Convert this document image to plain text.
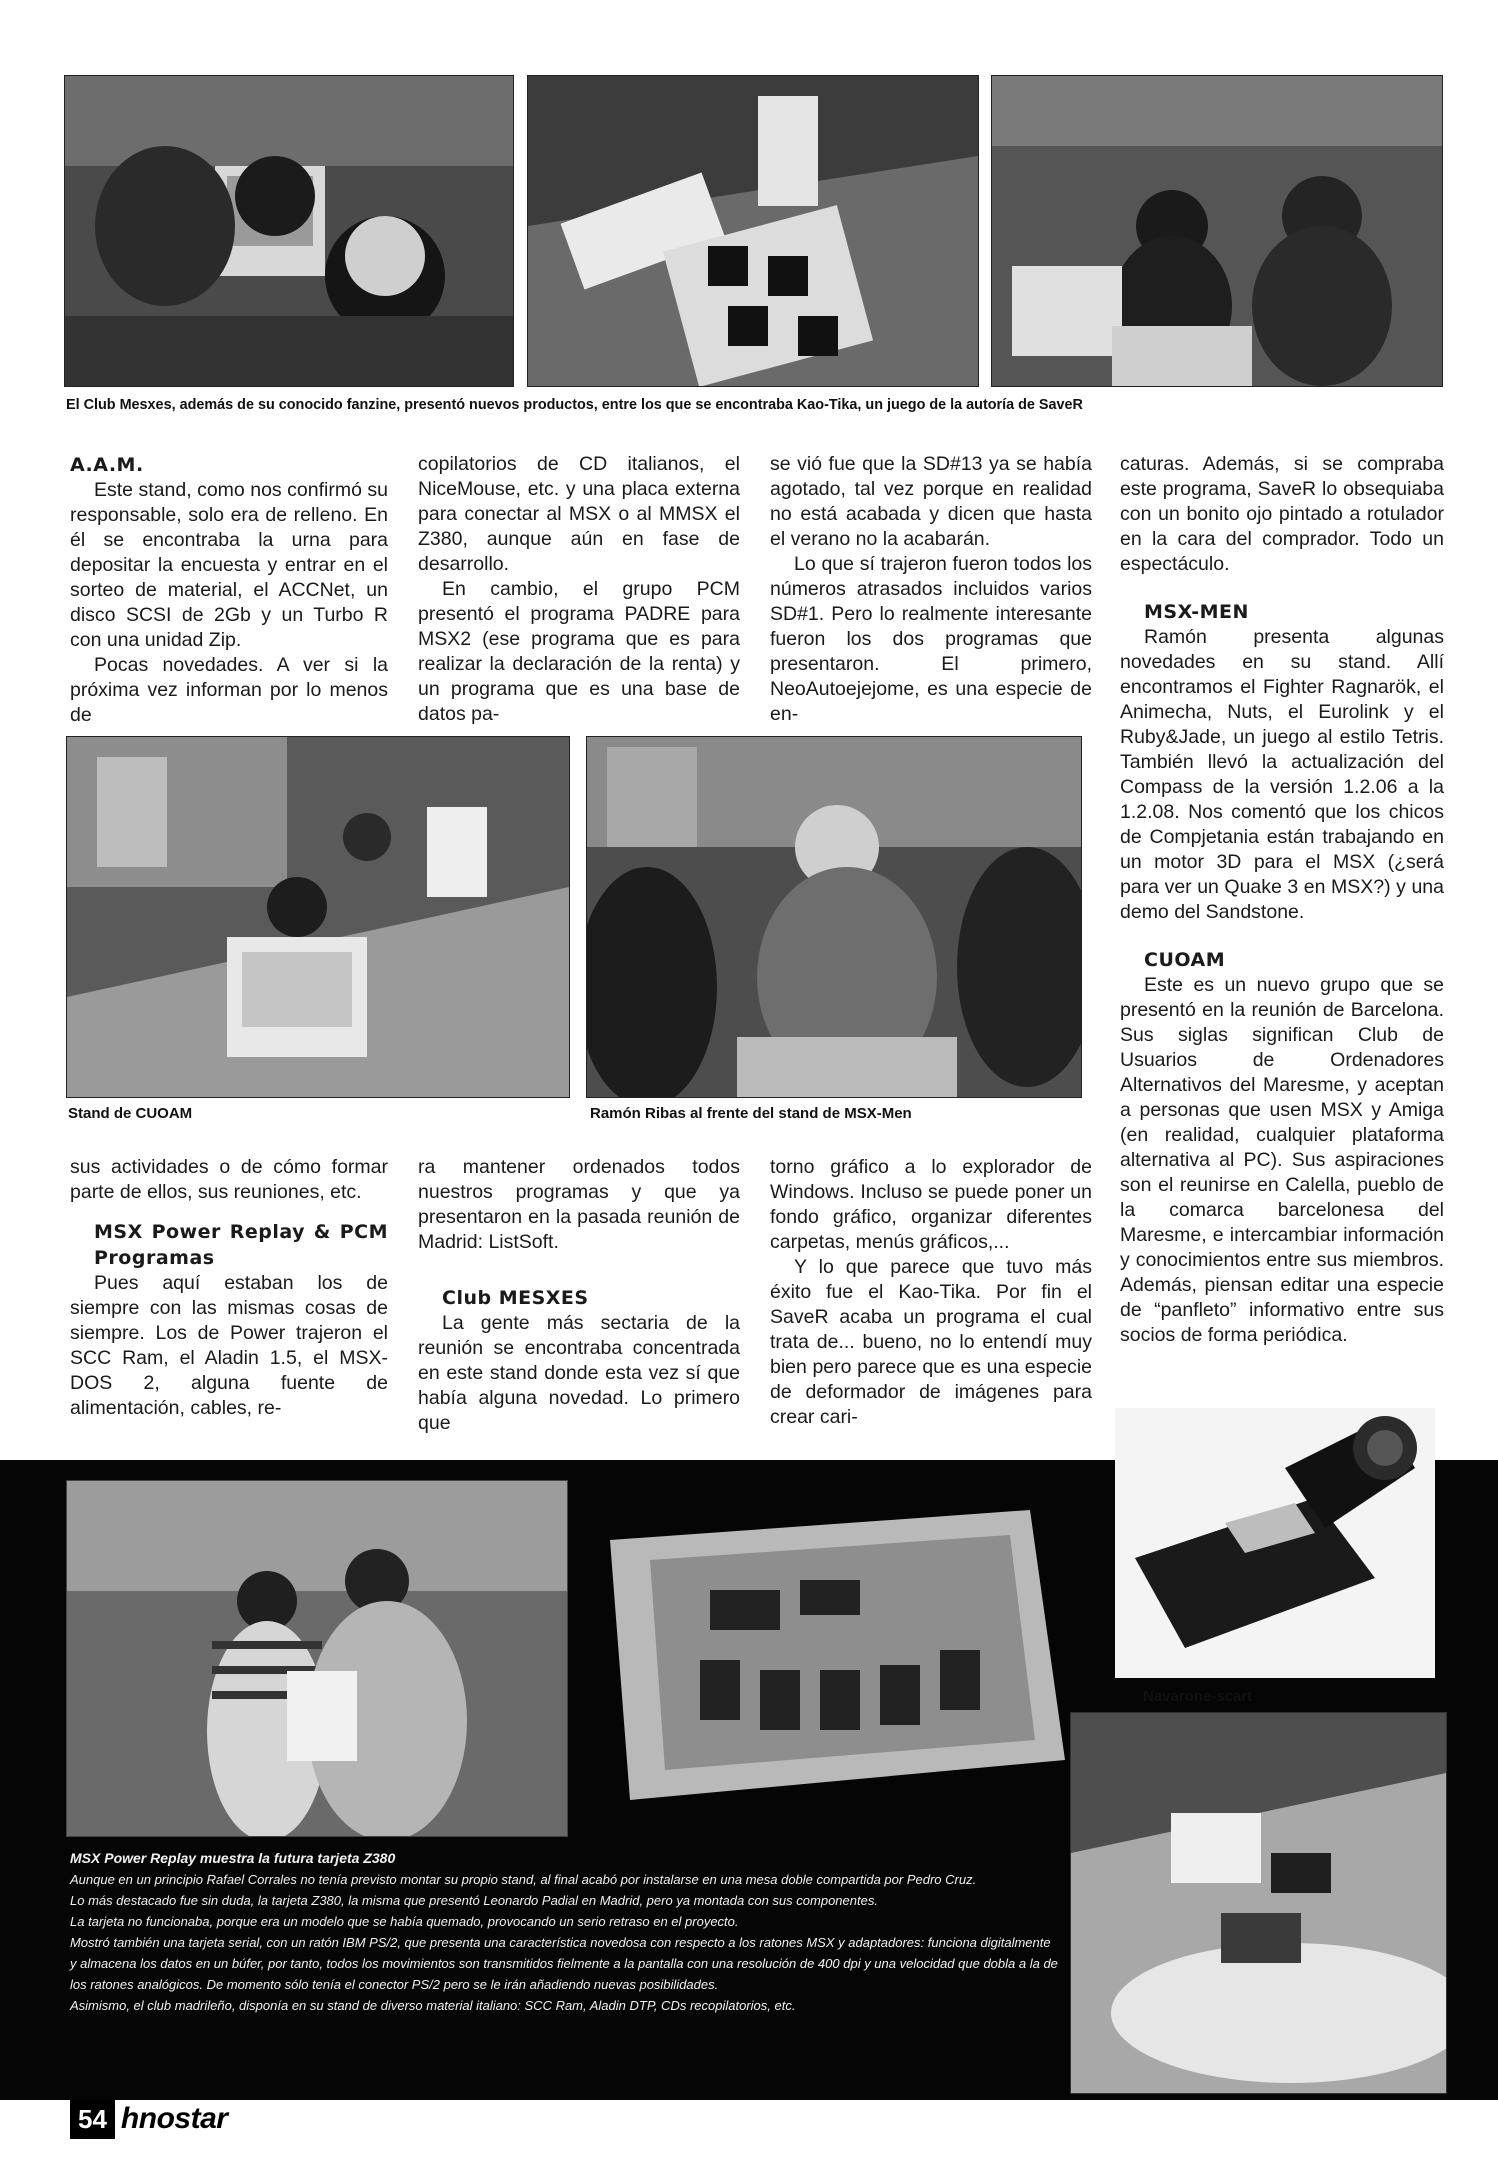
El Club Mesxes, además de su conocido fanzine, presentó nuevos productos, entre los que se encontraba Kao-Tika, un juego de la autoría de SaveR
A.A.M.

Este stand, como nos confirmó su responsable, solo era de relleno. En él se encontraba la urna para depositar la encuesta y entrar en el sorteo de material, el ACCNet, un disco SCSI de 2Gb y un Turbo R con una unidad Zip.

Pocas novedades. A ver si la próxima vez informan por lo menos de

copilatorios de CD italianos, el NiceMouse, etc. y una placa externa para conectar al MSX o al MMSX el Z380, aunque aún en fase de desarrollo.

En cambio, el grupo PCM presentó el programa PADRE para MSX2 (ese programa que es para realizar la declaración de la renta) y un programa que es una base de datos pa-

se vió fue que la SD#13 ya se había agotado, tal vez porque en realidad no está acabada y dicen que hasta el verano no la acabarán.

Lo que sí trajeron fueron todos los números atrasados incluidos varios SD#1. Pero lo realmente interesante fueron los dos programas que presentaron. El primero, NeoAutoejejome, es una especie de en-

caturas. Además, si se compraba este programa, SaveR lo obsequiaba con un bonito ojo pintado a rotulador en la cara del comprador. Todo un espectáculo.

MSX-MEN

Ramón presenta algunas novedades en su stand. Allí encontramos el Fighter Ragnarök, el Animecha, Nuts, el Eurolink y el Ruby&Jade, un juego al estilo Tetris. También llevó la actualización del Compass de la versión 1.2.06 a la 1.2.08. Nos comentó que los chicos de Compjetania están trabajando en un motor 3D para el MSX (¿será para ver un Quake 3 en MSX?) y una demo del Sandstone.

CUOAM

Este es un nuevo grupo que se presentó en la reunión de Barcelona. Sus siglas significan Club de Usuarios de Ordenadores Alternativos del Maresme, y aceptan a personas que usen MSX y Amiga (en realidad, cualquier plataforma alternativa al PC). Sus aspiraciones son el reunirse en Calella, pueblo de la comarca barcelonesa del Maresme, e intercambiar información y conocimientos entre sus miembros. Además, piensan editar una especie de “panfleto” informativo entre sus socios de forma periódica.

Stand de CUOAM	Ramón Ribas al frente del stand de MSX-Men

sus actividades o de cómo formar parte de ellos, sus reuniones, etc.

MSX Power Replay & PCM Programas

Pues aquí estaban los de siempre con las mismas cosas de siempre. Los de Power trajeron el SCC Ram, el Aladin 1.5, el MSX-DOS 2, alguna fuente de alimentación, cables, re-

ra mantener ordenados todos nuestros programas y que ya presentaron en la pasada reunión de Madrid: ListSoft.

Club MESXES

La gente más sectaria de la reunión se encontraba concentrada en este stand donde esta vez sí que había alguna novedad. Lo primero que

torno gráfico a lo explorador de Windows. Incluso se puede poner un fondo gráfico, organizar diferentes carpetas, menús gráficos,...

Y lo que parece que tuvo más éxito fue el Kao-Tika. Por fin el SaveR acaba un programa el cual trata de... bueno, no lo entendí muy bien pero parece que es una especie de deformador de imágenes para crear cari-

Navarone-scart
MSX Power Replay muestra la futura tarjeta Z380
Aunque en un principio Rafael Corrales no tenía previsto montar su propio stand, al final acabó por instalarse en una mesa doble compartida por Pedro Cruz.
Lo más destacado fue sin duda, la tarjeta Z380, la misma que presentó Leonardo Padial en Madrid, pero ya montada con sus componentes.
La tarjeta no funcionaba, porque era un modelo que se había quemado, provocando un serio retraso en el proyecto.
Mostró también una tarjeta serial, con un ratón IBM PS/2, que presenta una característica novedosa con respecto a los ratones MSX y adaptadores: funciona digitalmente y almacena los datos en un búfer, por tanto, todos los movimientos son transmitidos fielmente a la pantalla con una resolución de 400 dpi y una velocidad que dobla a la de los ratones analógicos. De momento sólo tenía el conector PS/2 pero se le irán añadiendo nuevas posibilidades.
Asimismo, el club madrileño, disponía en su stand de diverso material italiano: SCC Ram, Aladin DTP, CDs recopilatorios, etc.
54 hnostar
